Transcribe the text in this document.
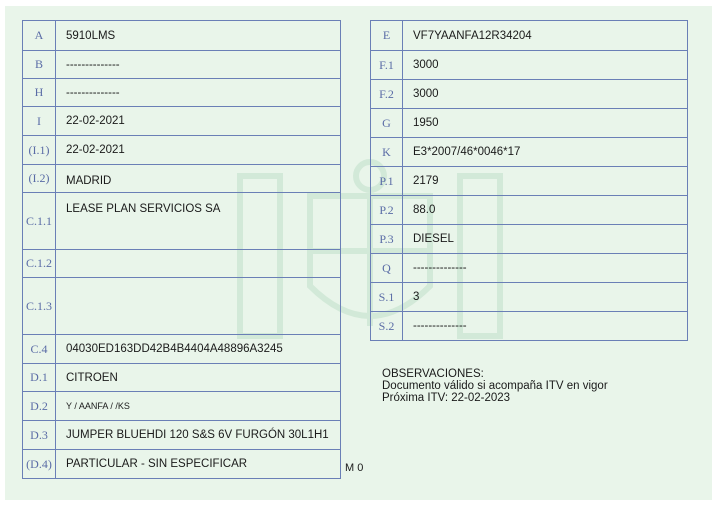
A	5910LMS
B	--------------
H	--------------
I	22-02-2021
(I.1)	22-02-2021
(I.2)	MADRID
C.1.1	LEASE PLAN SERVICIOS SA
C.1.2	
C.1.3	
C.4	04030ED163DD42B4B4404A48896A3245
D.1	CITROEN
D.2	Y / AANFA / /KS
D.3	JUMPER BLUEHDI 120 S&S 6V FURGÓN 30L1H1
(D.4)	PARTICULAR - SIN ESPECIFICAR
E	VF7YAANFA12R34204
F.1	3000
F.2	3000
G	1950
K	E3*2007/46*0046*17
P.1	2179
P.2	88.0
P.3	DIESEL
Q	--------------
S.1	3
S.2	--------------
OBSERVACIONES:
Documento válido si acompaña ITV en vigor
Próxima ITV: 22-02-2023
M 0
